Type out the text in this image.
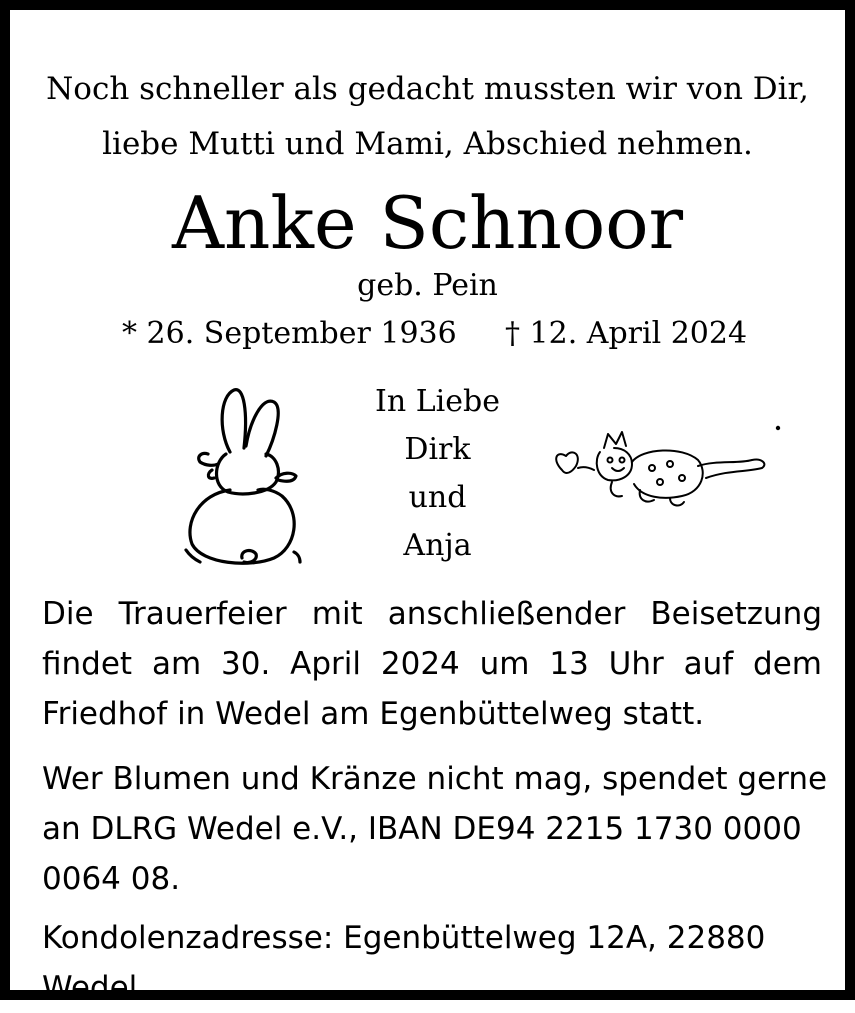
Noch schneller als gedacht mussten wir von Dir,
liebe Mutti und Mami, Abschied nehmen.
Anke Schnoor
geb. Pein
* 26. September 1936 † 12. April 2024
In Liebe
Dirk
und
Anja
Die Trauerfeier mit anschließender Beisetzung
findet am 30. April 2024 um 13 Uhr auf dem
Friedhof in Wedel am Egenbüttelweg statt.
Wer Blumen und Kränze nicht mag, spendet gerne
an DLRG Wedel e.V., IBAN DE94 2215 1730 0000
0064 08.
Kondolenzadresse: Egenbüttelweg 12A, 22880 Wedel
